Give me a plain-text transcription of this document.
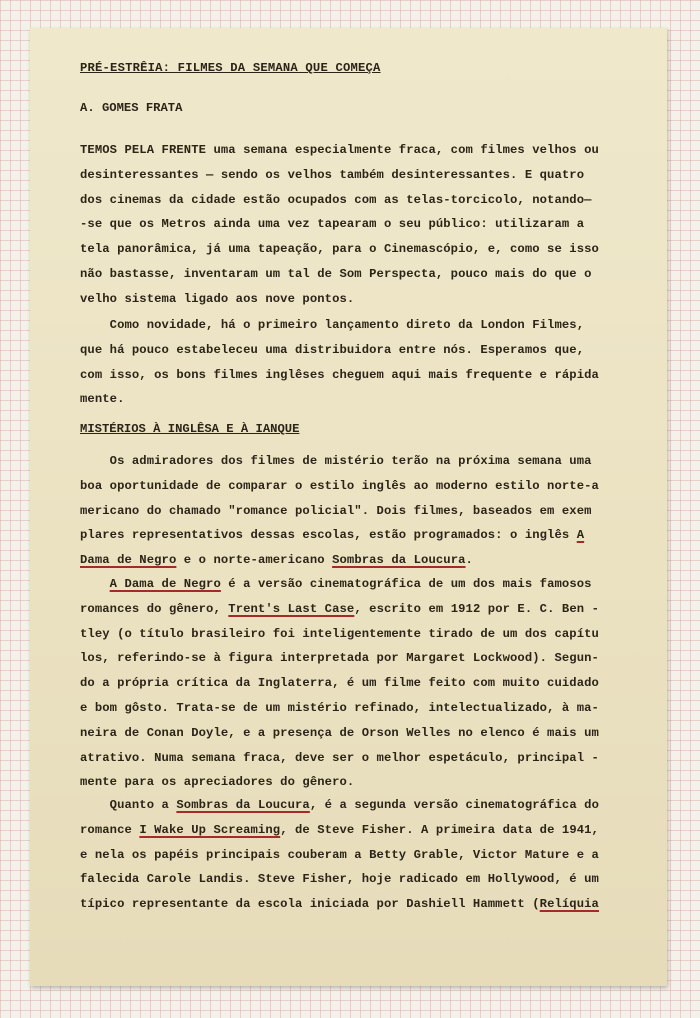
PRÉ-ESTRÊIA: FILMES DA SEMANA QUE COMEÇA
A. GOMES FRATA
TEMOS PELA FRENTE uma semana especialmente fraca, com filmes velhos ou
desinteressantes — sendo os velhos também desinteressantes. E quatro
dos cinemas da cidade estão ocupados com as telas-torcicolo, notando—
-se que os Metros ainda uma vez tapearam o seu público: utilizaram a
tela panorâmica, já uma tapeação, para o Cinemascópio, e, como se isso
não bastasse, inventaram um tal de Som Perspecta, pouco mais do que o
velho sistema ligado aos nove pontos.
Como novidade, há o primeiro lançamento direto da London Filmes,
que há pouco estabeleceu uma distribuidora entre nós. Esperamos que,
com isso, os bons filmes inglêses cheguem aqui mais frequente e rápida
mente.
MISTÉRIOS À INGLÊSA E À IANQUE
Os admiradores dos filmes de mistério terão na próxima semana uma
boa oportunidade de comparar o estilo inglês ao moderno estilo norte-a
mericano do chamado "romance policial". Dois filmes, baseados em exem
plares representativos dessas escolas, estão programados: o inglês A
Dama de Negro e o norte-americano Sombras da Loucura.
A Dama de Negro é a versão cinematográfica de um dos mais famosos
romances do gênero, Trent's Last Case, escrito em 1912 por E. C. Ben -
tley (o título brasileiro foi inteligentemente tirado de um dos capítu
los, referindo-se à figura interpretada por Margaret Lockwood). Segun-
do a própria crítica da Inglaterra, é um filme feito com muito cuidado
e bom gôsto. Trata-se de um mistério refinado, intelectualizado, à ma-
neira de Conan Doyle, e a presença de Orson Welles no elenco é mais um
atrativo. Numa semana fraca, deve ser o melhor espetáculo, principal -
mente para os apreciadores do gênero.
Quanto a Sombras da Loucura, é a segunda versão cinematográfica do
romance I Wake Up Screaming, de Steve Fisher. A primeira data de 1941,
e nela os papéis principais couberam a Betty Grable, Victor Mature e a
falecida Carole Landis. Steve Fisher, hoje radicado em Hollywood, é um
típico representante da escola iniciada por Dashiell Hammett (Relíquia
